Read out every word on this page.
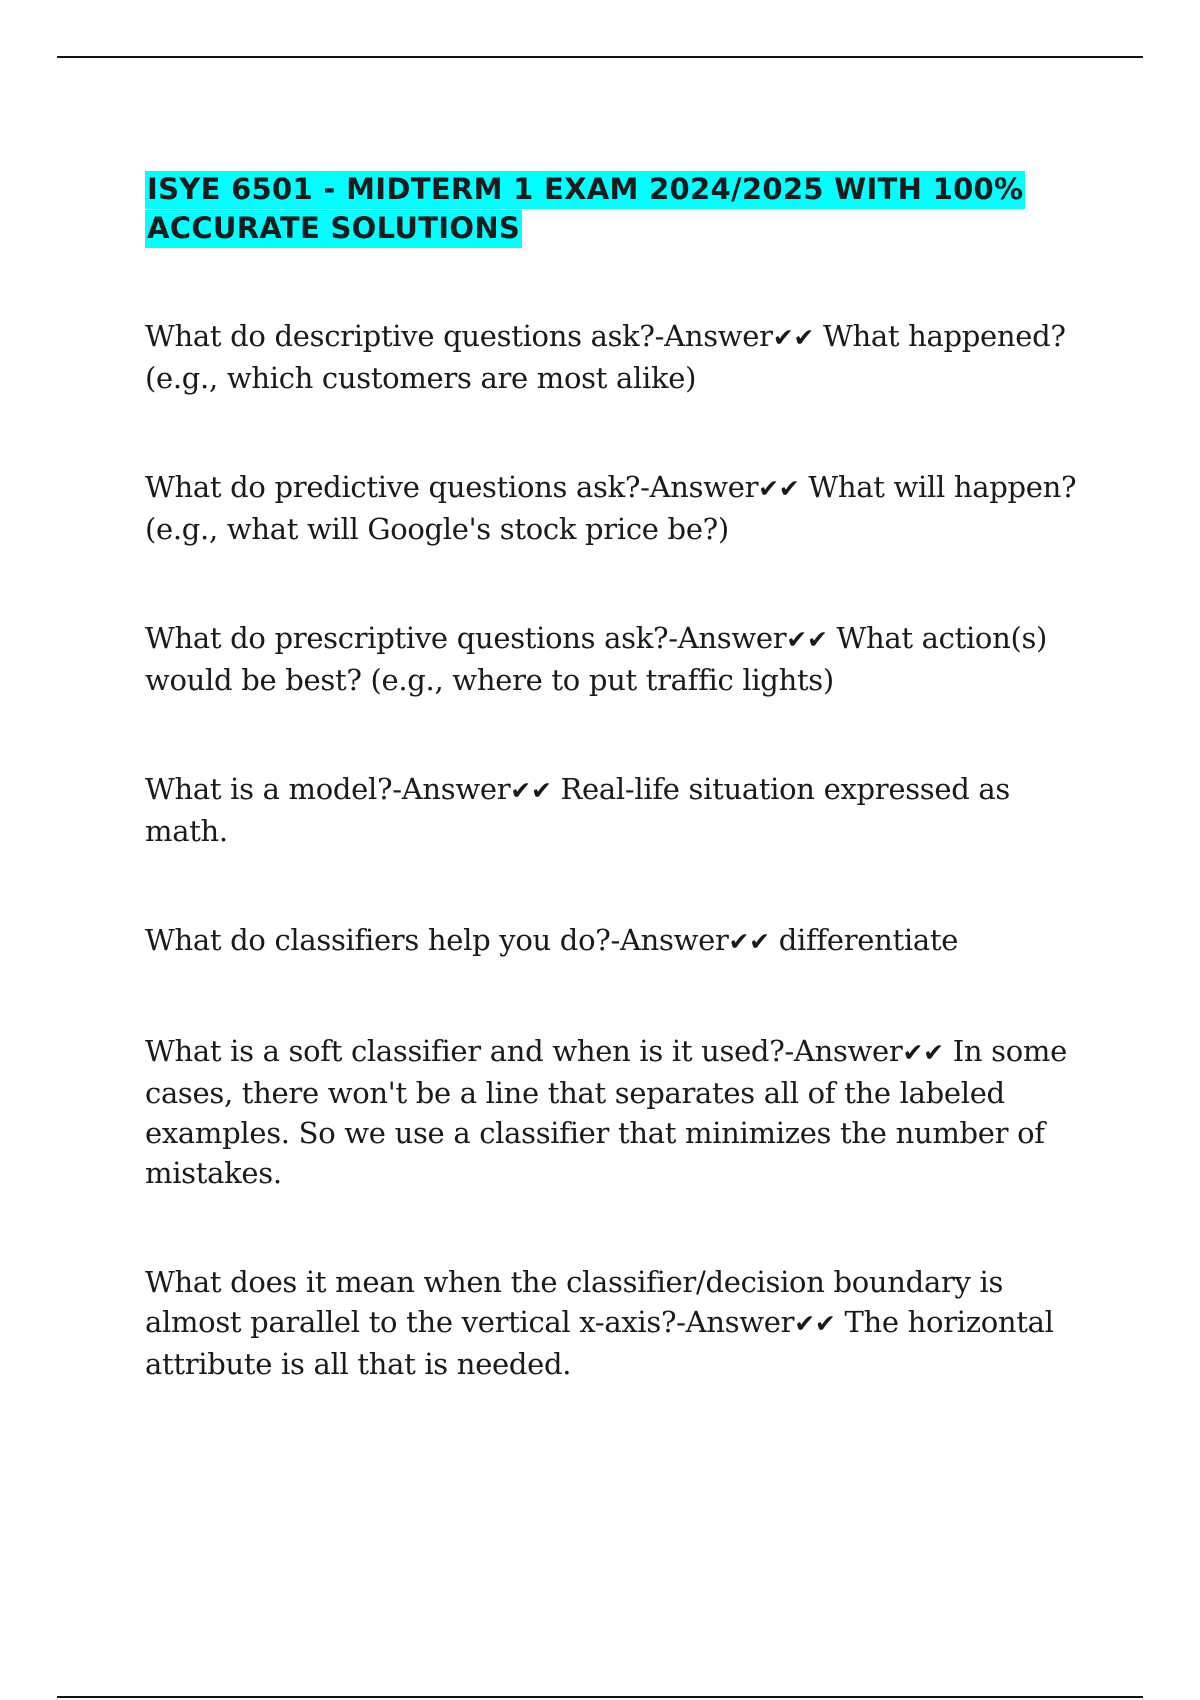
ISYE 6501 - MIDTERM 1 EXAM 2024/2025 WITH 100% ACCURATE SOLUTIONS

What do descriptive questions ask?-Answer✔✔ What happened? (e.g., which customers are most alike)

What do predictive questions ask?-Answer✔✔ What will happen? (e.g., what will Google's stock price be?)

What do prescriptive questions ask?-Answer✔✔ What action(s) would be best? (e.g., where to put traffic lights)

What is a model?-Answer✔✔ Real-life situation expressed as math.

What do classifiers help you do?-Answer✔✔ differentiate

What is a soft classifier and when is it used?-Answer✔✔ In some cases, there won't be a line that separates all of the labeled examples. So we use a classifier that minimizes the number of mistakes.

What does it mean when the classifier/decision boundary is almost parallel to the vertical x-axis?-Answer✔✔ The horizontal attribute is all that is needed.
